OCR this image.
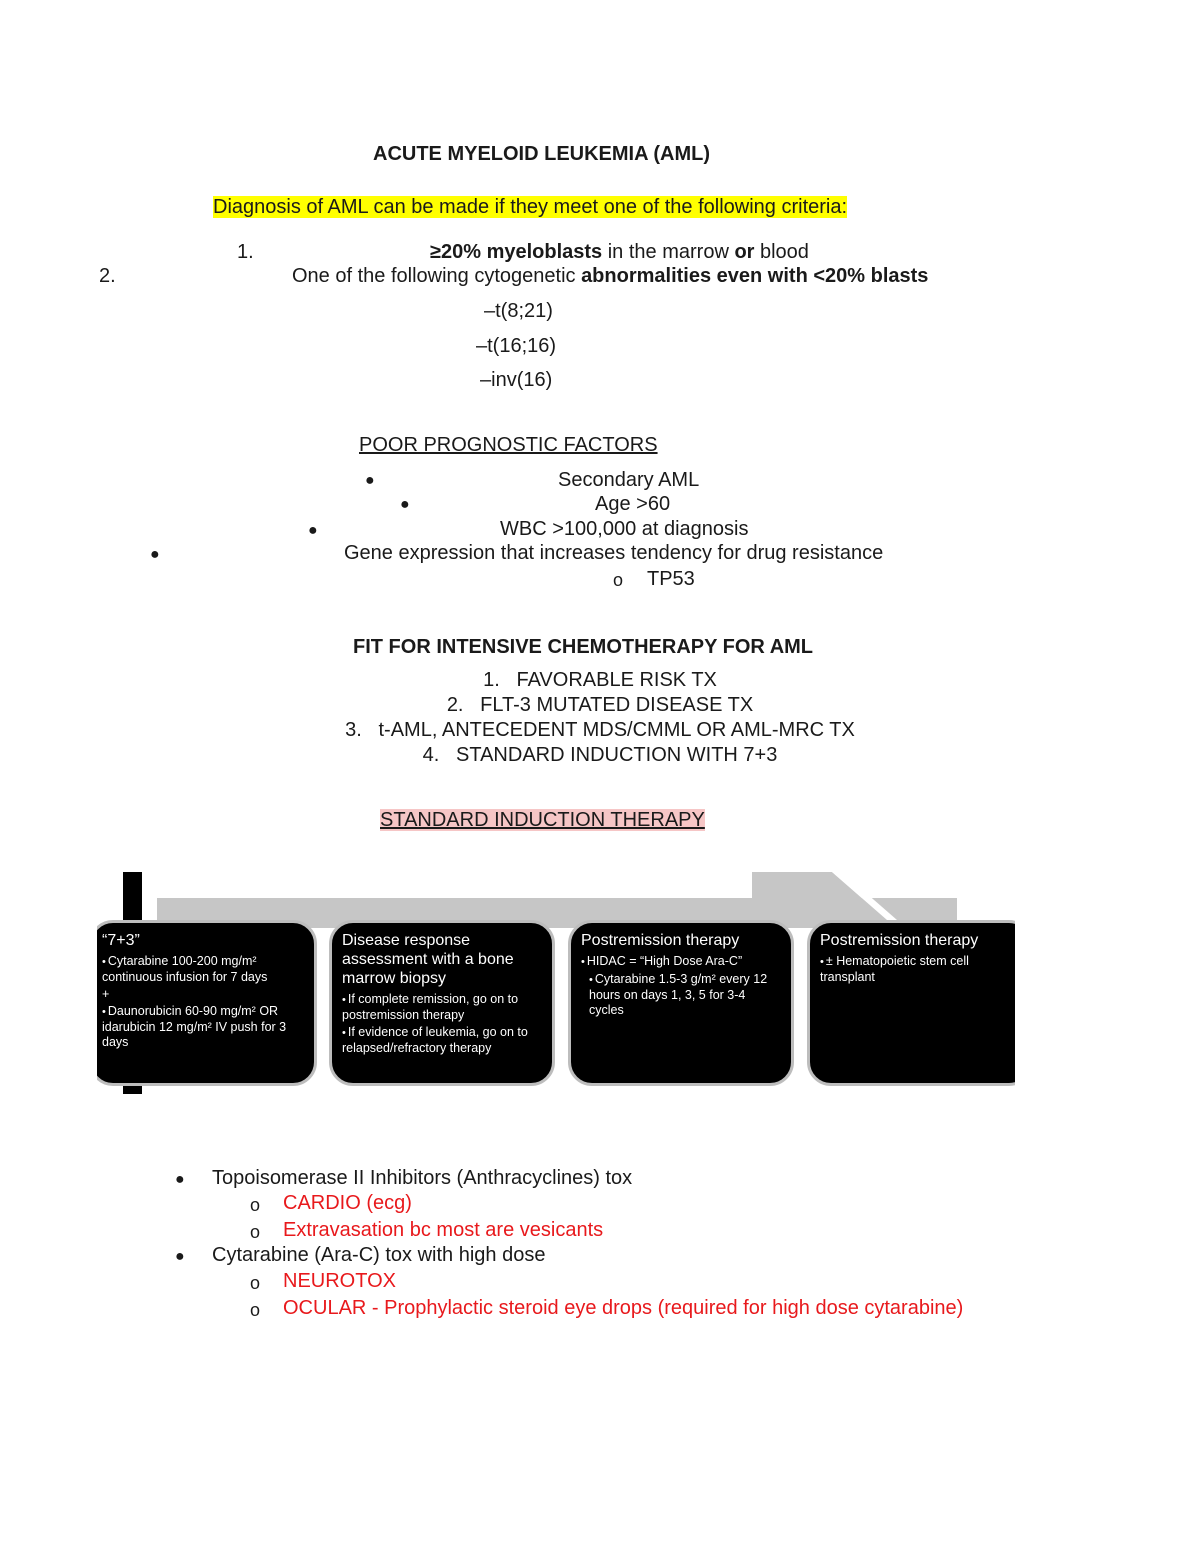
ACUTE MYELOID LEUKEMIA (AML)
Diagnosis of AML can be made if they meet one of the following criteria:
1.	≥20% myeloblasts in the marrow or blood
2.	One of the following cytogenetic abnormalities even with <20% blasts
–t(8;21)
–t(16;16)
–inv(16)
POOR PROGNOSTIC FACTORS
●	Secondary AML
●	Age >60
●	WBC >100,000 at diagnosis
●	Gene expression that increases tendency for drug resistance
o TP53
FIT FOR INTENSIVE CHEMOTHERAPY FOR AML
1. FAVORABLE RISK TX
2. FLT-3 MUTATED DISEASE TX
3. t-AML, ANTECEDENT MDS/CMML OR AML-MRC TX
4. STANDARD INDUCTION WITH 7+3
STANDARD INDUCTION THERAPY
“7+3”
• Cytarabine 100-200 mg/m² continuous infusion for 7 days
+
• Daunorubicin 60-90 mg/m² OR idarubicin 12 mg/m² IV push for 3 days
Disease response assessment with a bone marrow biopsy
• If complete remission, go on to postremission therapy
• If evidence of leukemia, go on to relapsed/refractory therapy
Postremission therapy
• HIDAC = “High Dose Ara-C”
• Cytarabine 1.5-3 g/m² every 12 hours on days 1, 3, 5 for 3-4 cycles
Postremission therapy
• ± Hematopoietic stem cell transplant
● Topoisomerase II Inhibitors (Anthracyclines) tox
o CARDIO (ecg)
o Extravasation bc most are vesicants
● Cytarabine (Ara-C) tox with high dose
o NEUROTOX
o OCULAR - Prophylactic steroid eye drops (required for high dose cytarabine)
